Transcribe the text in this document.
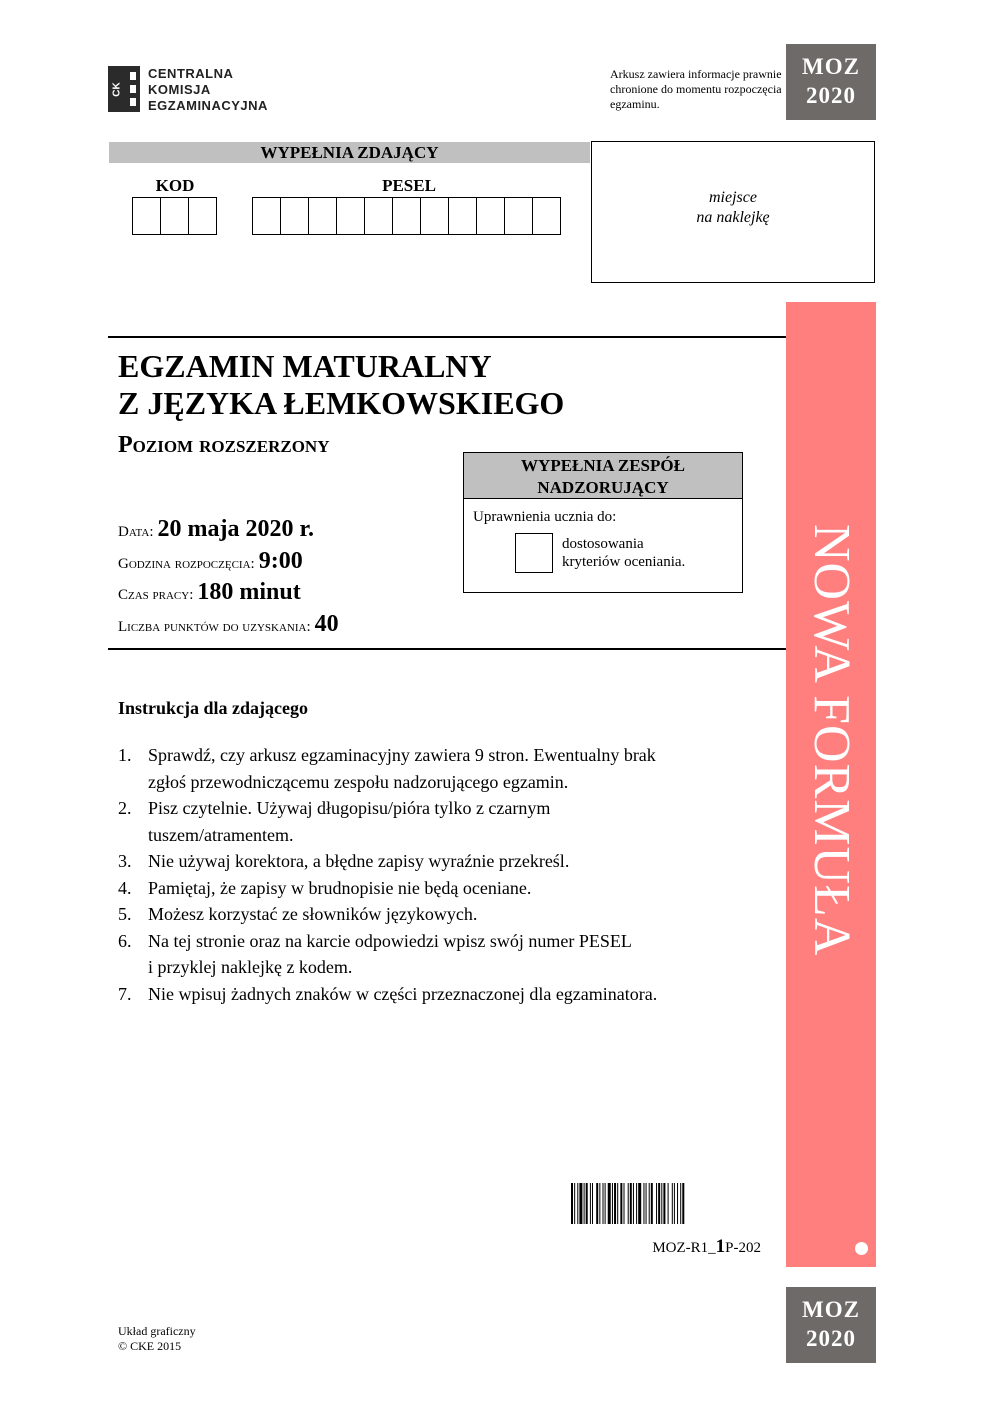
CK
CENTRALNA
KOMISJA
EGZAMINACYJNA
Arkusz zawiera informacje prawnie chronione do momentu rozpoczęcia egzaminu.
MOZ
2020
MOZ
2020
WYPEŁNIA ZDAJĄCY
KOD	PESEL
miejsce
na naklejkę
NOWA FORMUŁA
EGZAMIN MATURALNY
Z JĘZYKA ŁEMKOWSKIEGO
Poziom rozszerzony
WYPEŁNIA ZESPÓŁ
NADZORUJĄCY
Uprawnienia ucznia do:
dostosowania
kryteriów oceniania.
Data: 20 maja 2020 r.
Godzina rozpoczęcia: 9:00
Czas pracy: 180 minut
Liczba punktów do uzyskania: 40
Instrukcja dla zdającego
1. Sprawdź, czy arkusz egzaminacyjny zawiera 9 stron. Ewentualny brak
zgłoś przewodniczącemu zespołu nadzorującego egzamin.
2. Pisz czytelnie. Używaj długopisu/pióra tylko z czarnym
tuszem/atramentem.
3. Nie używaj korektora, a błędne zapisy wyraźnie przekreśl.
4. Pamiętaj, że zapisy w brudnopisie nie będą oceniane.
5. Możesz korzystać ze słowników językowych.
6. Na tej stronie oraz na karcie odpowiedzi wpisz swój numer PESEL
i przyklej naklejkę z kodem.
7. Nie wpisuj żadnych znaków w części przeznaczonej dla egzaminatora.
MOZ-R1_1P-202
Układ graficzny
© CKE 2015
